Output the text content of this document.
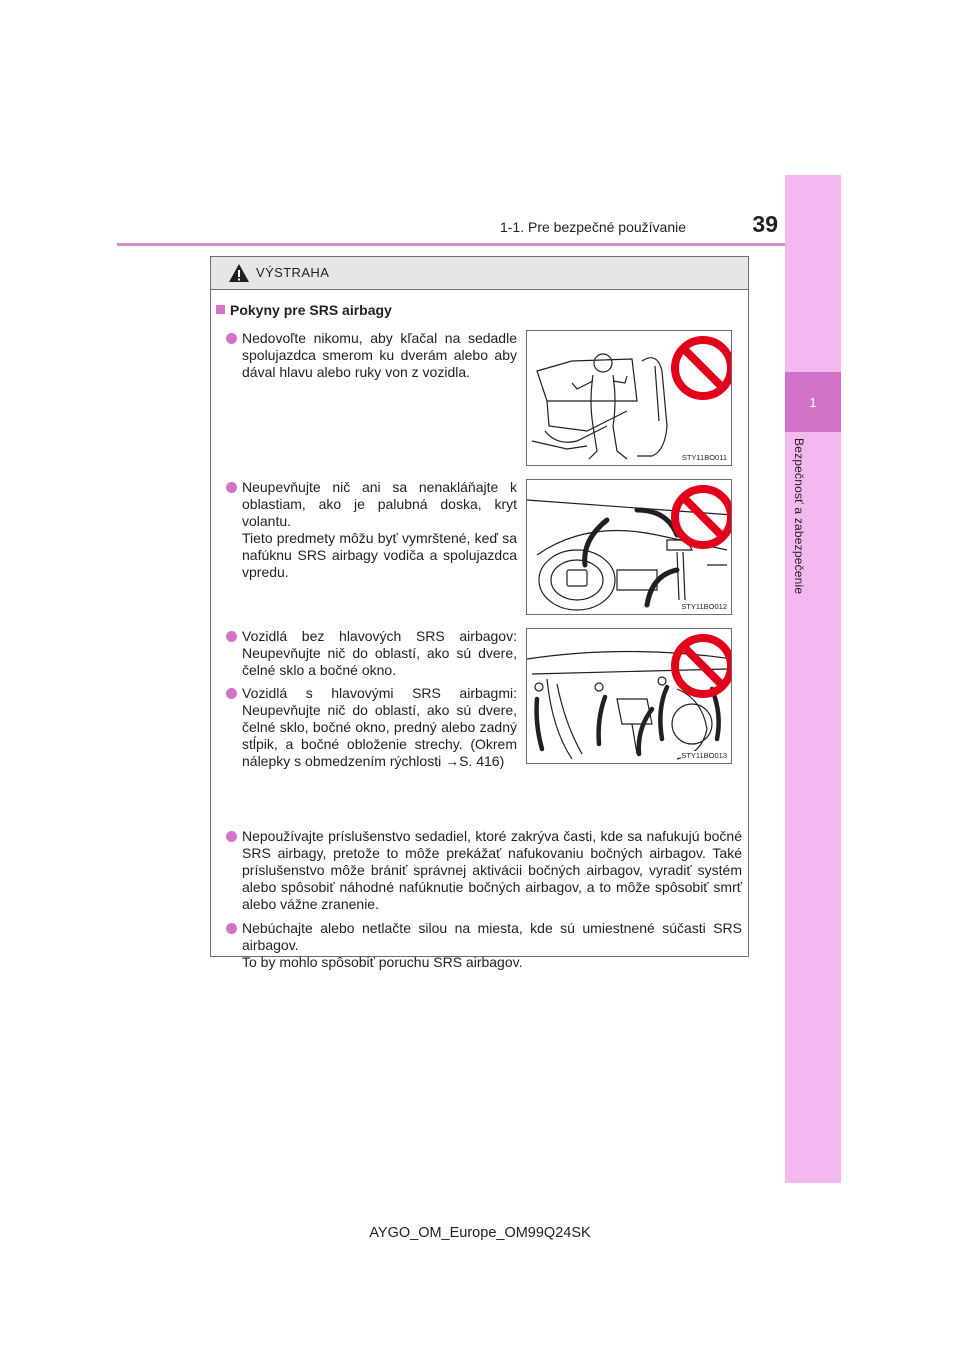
1
Bezpečnosť a zabezpečenie
1-1. Pre bezpečné používanie	39
VÝSTRAHA
Pokyny pre SRS airbagy

Nedovoľte nikomu, aby kľačal na sedadle spolujazdca smerom ku dverám alebo aby dával hlavu alebo ruky von z vozidla.

STY11BO011

Neupevňujte nič ani sa nenakláňajte k oblastiam, ako je palubná doska, kryt volantu.

Tieto predmety môžu byť vymrštené, keď sa nafúknu SRS airbagy vodiča a spolujazdca vpredu.

STY11BO012

Vozidlá bez hlavových SRS airbagov: Neupevňujte nič do oblastí, ako sú dvere, čelné sklo a bočné okno.

Vozidlá s hlavovými SRS airbagmi: Neupevňujte nič do oblastí, ako sú dvere, čelné sklo, bočné okno, predný alebo zadný stĺpik, a bočné obloženie strechy. (Okrem nálepky s obmedzením rýchlosti →S. 416)	STY11BO013

Nepoužívajte príslušenstvo sedadiel, ktoré zakrýva časti, kde sa nafukujú bočné SRS airbagy, pretože to môže prekážať nafukovaniu bočných airbagov. Také príslušenstvo môže brániť správnej aktivácii bočných airbagov, vyradiť systém alebo spôsobiť náhodné nafúknutie bočných airbagov, a to môže spôsobiť smrť alebo vážne zranenie.

Nebúchajte alebo netlačte silou na miesta, kde sú umiestnené súčasti SRS airbagov.

To by mohlo spôsobiť poruchu SRS airbagov.

AYGO_OM_Europe_OM99Q24SK
